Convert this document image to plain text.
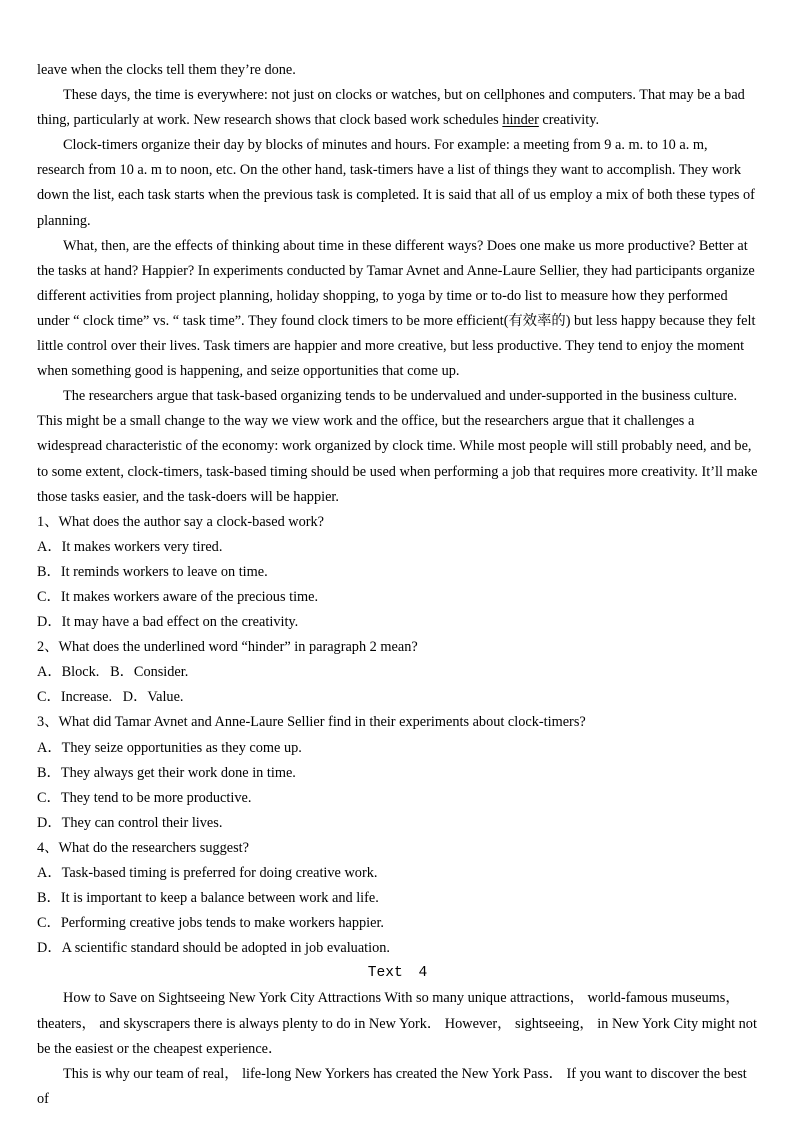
leave when the clocks tell them they’re done.

These days, the time is everywhere: not just on clocks or watches, but on cellphones and computers. That may be a bad thing, particularly at work. New research shows that clock based work schedules hinder creativity.

Clock-timers organize their day by blocks of minutes and hours. For example: a meeting from 9 a. m. to 10 a. m, research from 10 a. m to noon, etc. On the other hand, task-timers have a list of things they want to accomplish. They work down the list, each task starts when the previous task is completed. It is said that all of us employ a mix of both these types of planning.

What, then, are the effects of thinking about time in these different ways? Does one make us more productive? Better at the tasks at hand? Happier? In experiments conducted by Tamar Avnet and Anne-Laure Sellier, they had participants organize different activities from project planning, holiday shopping, to yoga by time or to-do list to measure how they performed under “ clock time” vs. “ task time”. They found clock timers to be more efficient(有效率的) but less happy because they felt little control over their lives. Task timers are happier and more creative, but less productive. They tend to enjoy the moment when something good is happening, and seize opportunities that come up.

The researchers argue that task-based organizing tends to be undervalued and under-supported in the business culture. This might be a small change to the way we view work and the office, but the researchers argue that it challenges a widespread characteristic of the economy: work organized by clock time. While most people will still probably need, and be, to some extent, clock-timers, task-based timing should be used when performing a job that requires more creativity. It’ll make those tasks easier, and the task-doers will be happier.

1、What does the author say a clock-based work?

A．It makes workers very tired.

B．It reminds workers to leave on time.

C．It makes workers aware of the precious time.

D．It may have a bad effect on the creativity.

2、What does the underlined word “hinder” in paragraph 2 mean?

A．Block.   B．Consider.

C．Increase.   D．Value.

3、What did Tamar Avnet and Anne-Laure Sellier find in their experiments about clock-timers?

A．They seize opportunities as they come up.

B．They always get their work done in time.

C．They tend to be more productive.

D．They can control their lives.

4、What do the researchers suggest?

A．Task-based timing is preferred for doing creative work.

B．It is important to keep a balance between work and life.

C．Performing creative jobs tends to make workers happier.

D．A scientific standard should be adopted in job evaluation.

Text 4

How to Save on Sightseeing New York City Attractions With so many unique attractions， world-famous museums， theaters， and skyscrapers there is always plenty to do in New York． However， sightseeing， in New York City might not be the easiest or the cheapest experience．

This is why our team of real， life-long New Yorkers has created the New York Pass． If you want to discover the best of
